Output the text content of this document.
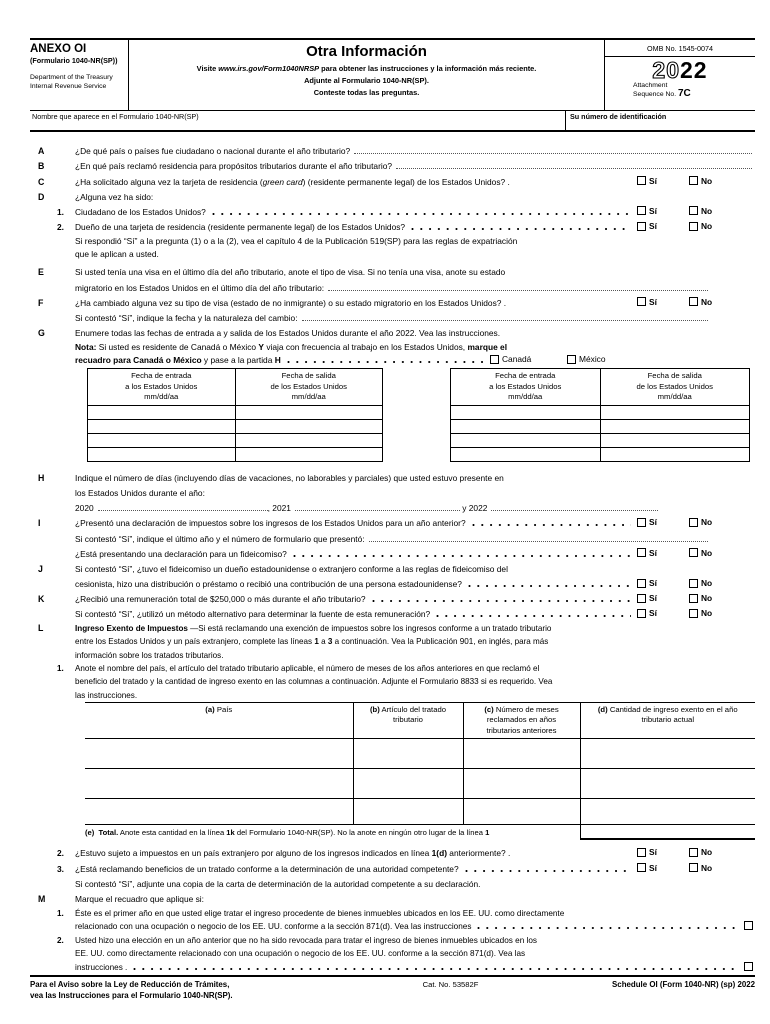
ANEXO OI
(Formulario 1040-NR(SP))
Department of the Treasury
Internal Revenue Service
Otra Información
Visite www.irs.gov/Form1040NRSP para obtener las instrucciones y la información más reciente.
Adjunte al Formulario 1040-NR(SP).
Conteste todas las preguntas.
OMB No. 1545-0074
2022
Attachment
Sequence No. 7C
Nombre que aparece en el Formulario 1040-NR(SP)	Su número de identificación
A	¿De qué país o países fue ciudadano o nacional durante el año tributario?
B	¿En qué país reclamó residencia para propósitos tributarios durante el año tributario?
C	¿Ha solicitado alguna vez la tarjeta de residencia (green card) (residente permanente legal) de los Estados Unidos? .	Sí	No
D	¿Alguna vez ha sido:
1.	Ciudadano de los Estados Unidos?	Sí	No
2.	Dueño de una tarjeta de residencia (residente permanente legal) de los Estados Unidos?	Sí	No
Si respondió “Sí” a la pregunta (1) o a la (2), vea el capítulo 4 de la Publicación 519(SP) para las reglas de expatriación
que le aplican a usted.
E	Si usted tenía una visa en el último día del año tributario, anote el tipo de visa. Si no tenía una visa, anote su estado
migratorio en los Estados Unidos en el último día del año tributario:
F	¿Ha cambiado alguna vez su tipo de visa (estado de no inmigrante) o su estado migratorio en los Estados Unidos? .	Sí	No
Si contestó “Sí”, indique la fecha y la naturaleza del cambio:
G	Enumere todas las fechas de entrada a y salida de los Estados Unidos durante el año 2022. Vea las instrucciones.
Nota: Si usted es residente de Canadá o México Y viaja con frecuencia al trabajo en los Estados Unidos, marque el
recuadro para Canadá o México y pase a la partida H	Canadá	México
Fecha de entrada
a los Estados Unidos
mm/dd/aa

Fecha de salida
de los Estados Unidos
mm/dd/aa

Fecha de entrada
a los Estados Unidos
mm/dd/aa

Fecha de salida
de los Estados Unidos
mm/dd/aa

H	Indique el número de días (incluyendo días de vacaciones, no laborables y parciales) que usted estuvo presente en
los Estados Unidos durante el año:
2020	, 2021	y 2022	.
I	¿Presentó una declaración de impuestos sobre los ingresos de los Estados Unidos para un año anterior?	Sí	No
Si contestó “Sí”, indique el último año y el número de formulario que presentó:
¿Está presentando una declaración para un fideicomiso?	Sí	No
J	Si contestó “Sí”, ¿tuvo el fideicomiso un dueño estadounidense o extranjero conforme a las reglas de fideicomiso del
cesionista, hizo una distribución o préstamo o recibió una contribución de una persona estadounidense?	Sí	No
K	¿Recibió una remuneración total de $250,000 o más durante el año tributario?	Sí	No
Si contestó “Sí”, ¿utilizó un método alternativo para determinar la fuente de esta remuneración?	Sí	No
L	Ingreso Exento de Impuestos —Si está reclamando una exención de impuestos sobre los ingresos conforme a un tratado tributario
entre los Estados Unidos y un país extranjero, complete las líneas 1 a 3 a continuación. Vea la Publicación 901, en inglés, para más
información sobre los tratados tributarios.
1.	Anote el nombre del país, el artículo del tratado tributario aplicable, el número de meses de los años anteriores en que reclamó el
beneficio del tratado y la cantidad de ingreso exento en las columnas a continuación. Adjunte el Formulario 8833 si es requerido. Vea
las instrucciones.
(a) País	(b) Artículo del tratado tributario	(c) Número de meses reclamados en años tributarios anteriores	(d) Cantidad de ingreso exento en el año tributario actual

(e)  Total. Anote esta cantidad en la línea 1k del Formulario 1040-NR(SP). No la anote en ningún otro lugar de la línea 1			
2.	¿Estuvo sujeto a impuestos en un país extranjero por alguno de los ingresos indicados en línea 1(d) anteriormente? .	Sí	No
3.	¿Está reclamando beneficios de un tratado conforme a la determinación de una autoridad competente?	Sí	No
Si contestó “Sí”, adjunte una copia de la carta de determinación de la autoridad competente a su declaración.
M	Marque el recuadro que aplique si:
1.	Éste es el primer año en que usted elige tratar el ingreso procedente de bienes inmuebles ubicados en los EE. UU. como directamente
relacionado con una ocupación o negocio de los EE. UU. conforme a la sección 871(d). Vea las instrucciones
2.	Usted hizo una elección en un año anterior que no ha sido revocada para tratar el ingreso de bienes inmuebles ubicados en los
EE. UU. como directamente relacionado con una ocupación o negocio de los EE. UU. conforme a la sección 871(d). Vea las
instrucciones .
Para el Aviso sobre la Ley de Reducción de Trámites,
vea las Instrucciones para el Formulario 1040-NR(SP).
Cat. No. 53582F	Schedule OI (Form 1040-NR) (sp) 2022
